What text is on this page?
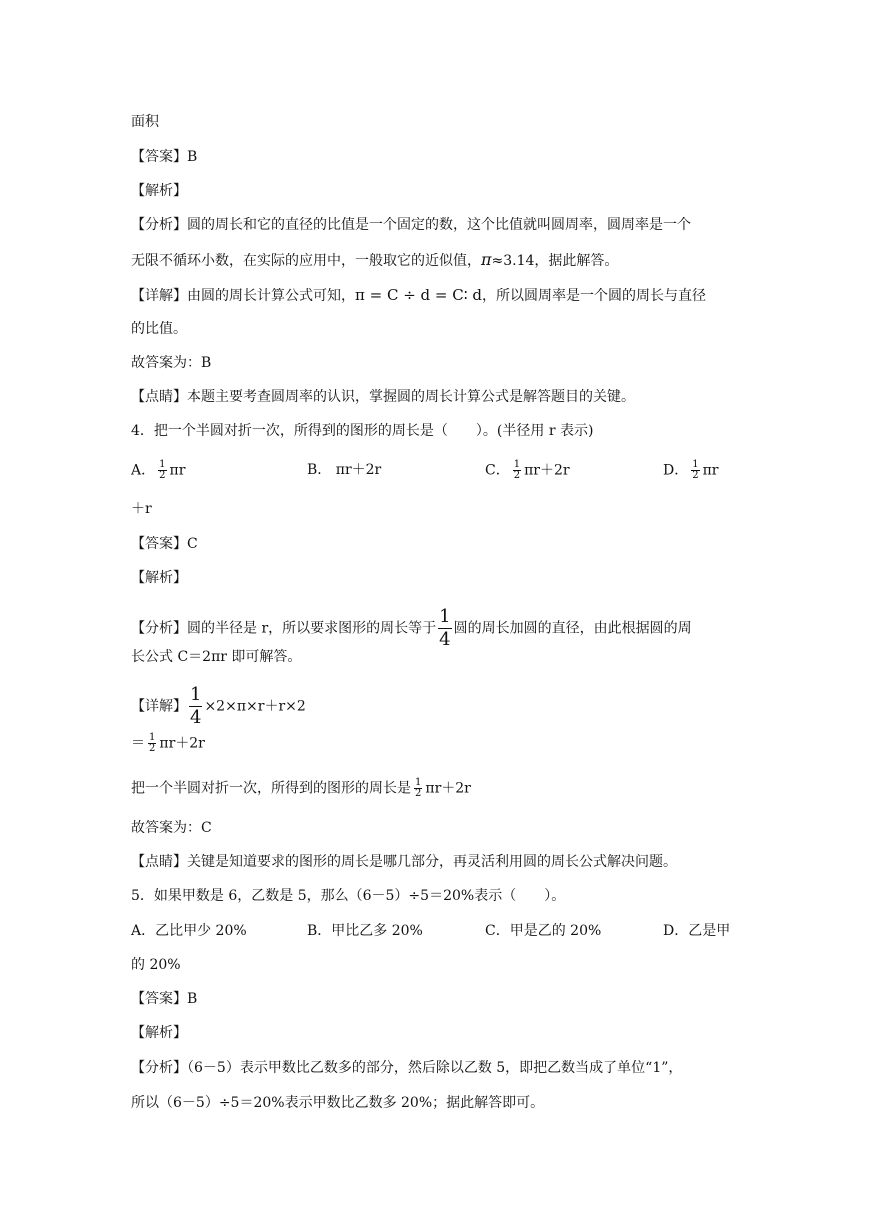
面积
【答案】B
【解析】
【分析】圆的周长和它的直径的比值是一个固定的数，这个比值就叫圆周率，圆周率是一个
无限不循环小数，在实际的应用中，一般取它的近似值，π≈3.14，据此解答。
【详解】由圆的周长计算公式可知，π = C ÷ d = C∶ d，所以圆周率是一个圆的周长与直径
的比值。
故答案为：B
【点睛】本题主要考查圆周率的认识，掌握圆的周长计算公式是解答题目的关键。
4．把一个半圆对折一次，所得到的图形的周长是（　　）。(半径用 r 表示)
A． $\frac{1}{2}$ πr	B． πr＋2r	C． $\frac{1}{2} \pi r+2r$	D． $\frac{1}{2}$ πr
＋r
【答案】C
【解析】
【分析】圆的半径是 r，所以要求图形的周长等于 $\frac{1}{4}$ 圆的周长加圆的直径，由此根据圆的周
长公式 C＝2πr 即可解答。
【详解】 $\frac{1}{4} \times 2\times\pi\times r+r\times 2$
＝ $\frac{1}{2} \pi r+2r$
把一个半圆对折一次，所得到的图形的周长是 $\frac{1}{2} \pi r+2r$
故答案为：C
【点睛】关键是知道要求的图形的周长是哪几部分，再灵活利用圆的周长公式解决问题。
5．如果甲数是 6，乙数是 5，那么（6－5）÷5＝20%表示（　　）。
A．乙比甲少 20%	B．甲比乙多 20%	C．甲是乙的 20%	D．乙是甲
的 20%
【答案】B
【解析】
【分析】（6－5）表示甲数比乙数多的部分，然后除以乙数 5，即把乙数当成了单位“1”，
所以（6－5）÷5＝20%表示甲数比乙数多 20%；据此解答即可。
